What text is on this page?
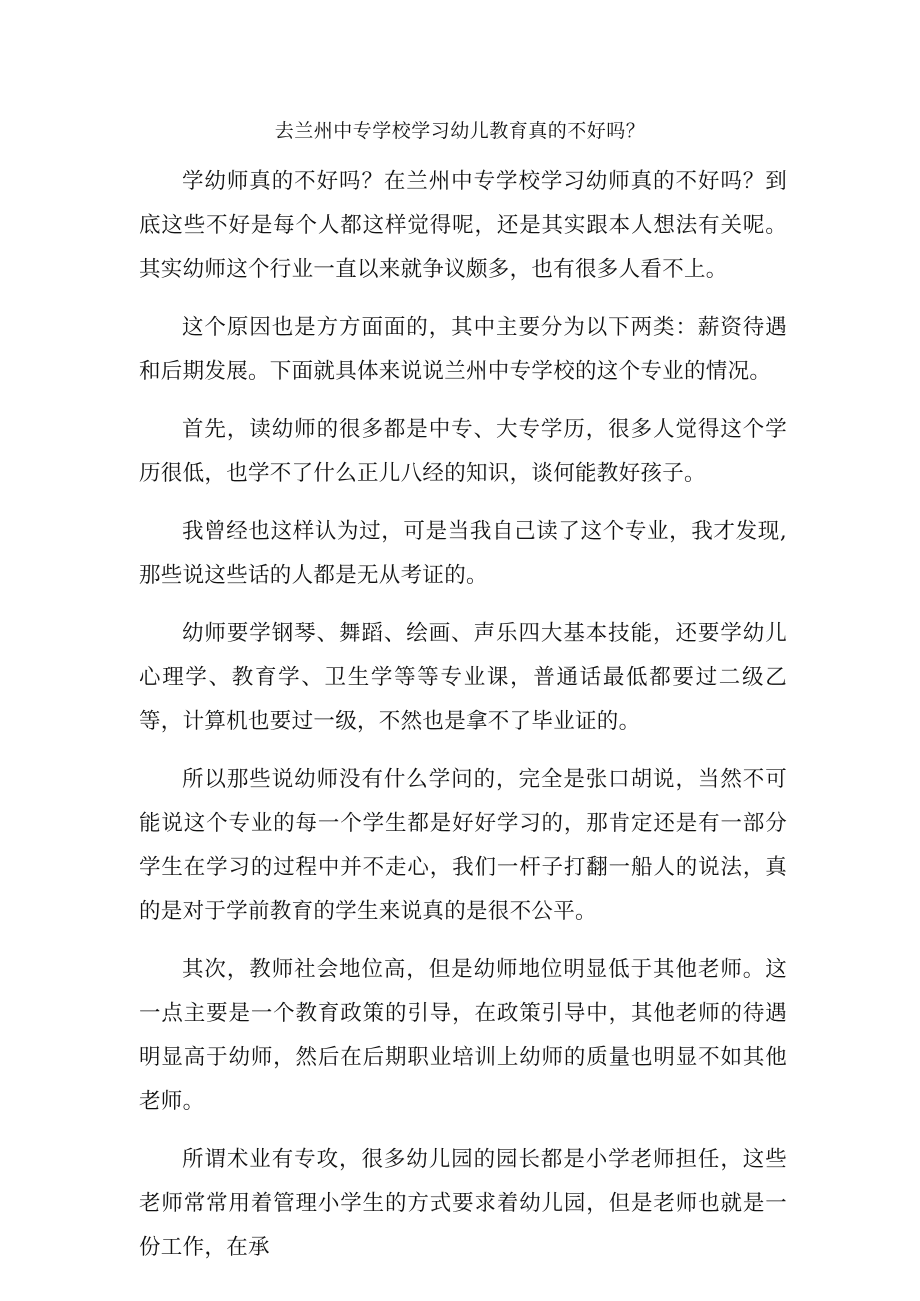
去兰州中专学校学习幼儿教育真的不好吗？

学幼师真的不好吗？在兰州中专学校学习幼师真的不好吗？到底这些不好是每个人都这样觉得呢，还是其实跟本人想法有关呢。其实幼师这个行业一直以来就争议颇多，也有很多人看不上。

这个原因也是方方面面的，其中主要分为以下两类：薪资待遇和后期发展。下面就具体来说说兰州中专学校的这个专业的情况。

首先，读幼师的很多都是中专、大专学历，很多人觉得这个学历很低，也学不了什么正儿八经的知识，谈何能教好孩子。

我曾经也这样认为过，可是当我自己读了这个专业，我才发现,那些说这些话的人都是无从考证的。

幼师要学钢琴、舞蹈、绘画、声乐四大基本技能，还要学幼儿心理学、教育学、卫生学等等专业课，普通话最低都要过二级乙等，计算机也要过一级，不然也是拿不了毕业证的。

所以那些说幼师没有什么学问的，完全是张口胡说，当然不可能说这个专业的每一个学生都是好好学习的，那肯定还是有一部分学生在学习的过程中并不走心，我们一杆子打翻一船人的说法，真的是对于学前教育的学生来说真的是很不公平。

其次，教师社会地位高，但是幼师地位明显低于其他老师。这一点主要是一个教育政策的引导，在政策引导中，其他老师的待遇明显高于幼师，然后在后期职业培训上幼师的质量也明显不如其他老师。

所谓术业有专攻，很多幼儿园的园长都是小学老师担任，这些老师常常用着管理小学生的方式要求着幼儿园，但是老师也就是一份工作，在承
